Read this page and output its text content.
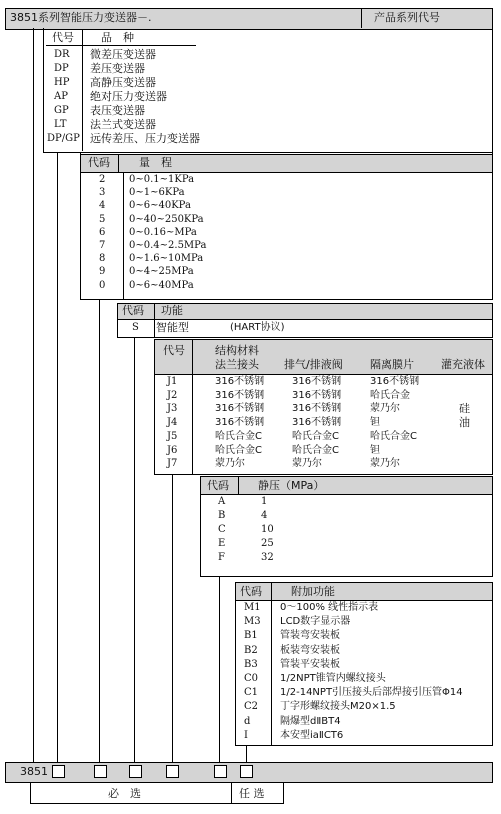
3851系列智能压力变送器－.	产品系列代号
代号 品　种
DR 微差压变送器
DP 差压变送器
HP 高静压变送器
AP 绝对压力变送器
GP 表压变送器
LT 法兰式变送器
DP/GP 远传差压、压力变送器
代码	量　程
2 0~0.1~1KPa
3 0~1~6KPa
4 0~6~40KPa
5 0~40~250KPa
6 0~0.16~MPa
7 0~0.4~2.5MPa
8 0~1.6~10MPa
9 0~4~25MPa
0 0~6~40MPa
代码 功能
S 智能型	(HART协议)
代号	结构材料
法兰接头 排气/排液阀 隔离膜片 灌充液体
J1	316不锈钢	316不锈钢	316不锈钢
J2	316不锈钢	316不锈钢	哈氏合金
J3	316不锈钢	316不锈钢	蒙乃尔	硅
J4	316不锈钢	316不锈钢	钽	油
J5	哈氏合金C	哈氏合金C	哈氏合金C
J6	哈氏合金C	哈氏合金C	钽
J7	蒙乃尔	蒙乃尔	蒙乃尔
代码	静压（MPa）
A	1
B	4
C	10
E	25
F	32
代码	附加功能
M1 0～100% 线性指示表
M3 LCD数字显示器
B1 管装弯安装板
B2 板装弯安装板
B3 管装平安装板
C0 1/2NPT锥管内螺纹接头
C1 1/2-14NPT引压接头后部焊接引压管Φ14
C2 丁字形螺纹接头M20×1.5
d	隔爆型dⅡBT4
I	本安型iaⅡCT6
3851
必　选	任 选
